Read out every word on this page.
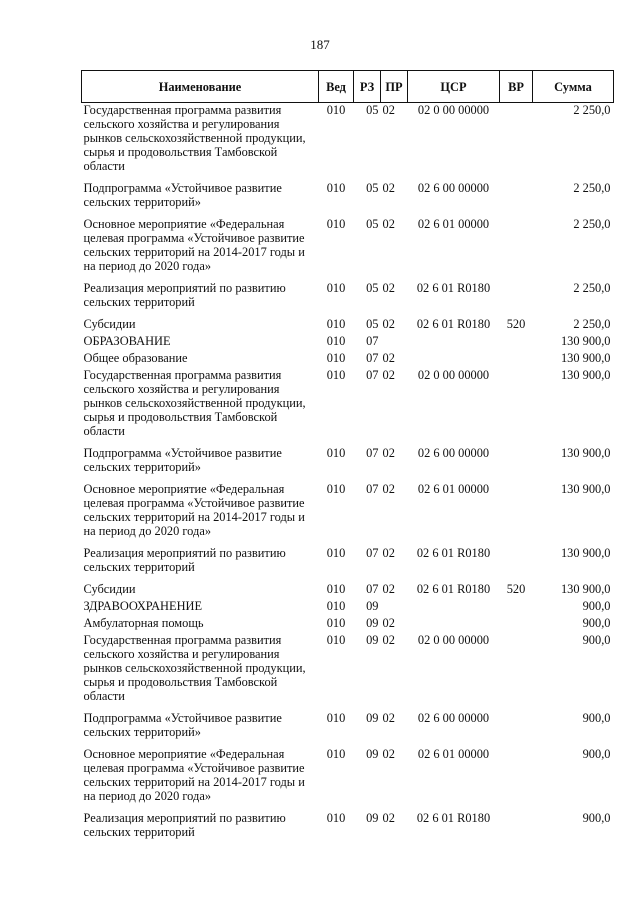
187
Наименование	Вед	РЗ	ПР	ЦСР	ВР	Сумма
Государственная программа развития сельского хозяйства и регулирования рынков сельскохозяйственной продукции, сырья и продовольствия Тамбовской области	010	05	02	02 0 00 00000		2 250,0
Подпрограмма «Устойчивое развитие сельских территорий»	010	05	02	02 6 00 00000		2 250,0
Основное мероприятие «Федеральная целевая программа «Устойчивое развитие сельских территорий на 2014-2017 годы и на период до 2020 года»	010	05	02	02 6 01 00000		2 250,0
Реализация мероприятий по развитию сельских территорий	010	05	02	02 6 01 R0180		2 250,0
Субсидии	010	05	02	02 6 01 R0180	520	2 250,0
ОБРАЗОВАНИЕ	010	07				130 900,0
Общее образование	010	07	02			130 900,0
Государственная программа развития сельского хозяйства и регулирования рынков сельскохозяйственной продукции, сырья и продовольствия Тамбовской области	010	07	02	02 0 00 00000		130 900,0
Подпрограмма «Устойчивое развитие сельских территорий»	010	07	02	02 6 00 00000		130 900,0
Основное мероприятие «Федеральная целевая программа «Устойчивое развитие сельских территорий на 2014-2017 годы и на период до 2020 года»	010	07	02	02 6 01 00000		130 900,0
Реализация мероприятий по развитию сельских территорий	010	07	02	02 6 01 R0180		130 900,0
Субсидии	010	07	02	02 6 01 R0180	520	130 900,0
ЗДРАВООХРАНЕНИЕ	010	09				900,0
Амбулаторная помощь	010	09	02			900,0
Государственная программа развития сельского хозяйства и регулирования рынков сельскохозяйственной продукции, сырья и продовольствия Тамбовской области	010	09	02	02 0 00 00000		900,0
Подпрограмма «Устойчивое развитие сельских территорий»	010	09	02	02 6 00 00000		900,0
Основное мероприятие «Федеральная целевая программа «Устойчивое развитие сельских территорий на 2014-2017 годы и на период до 2020 года»	010	09	02	02 6 01 00000		900,0
Реализация мероприятий по развитию сельских территорий	010	09	02	02 6 01 R0180		900,0
